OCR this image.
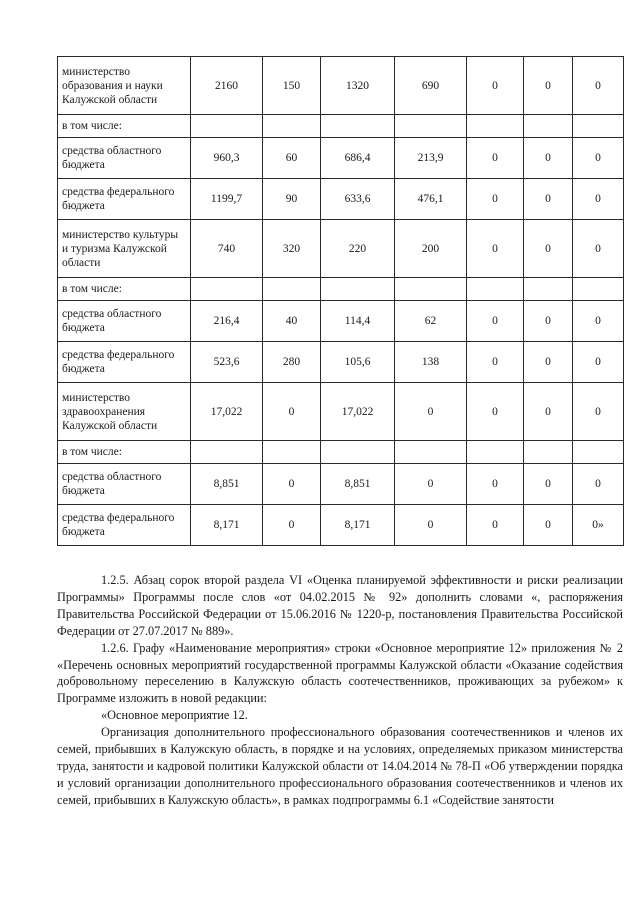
министерство образования и науки Калужской области	2160	150	1320	690	0	0	0
в том числе:							
средства областного бюджета	960,3	60	686,4	213,9	0	0	0
средства федерального бюджета	1199,7	90	633,6	476,1	0	0	0
министерство культуры и туризма Калужской области	740	320	220	200	0	0	0
в том числе:							
средства областного бюджета	216,4	40	114,4	62	0	0	0
средства федерального бюджета	523,6	280	105,6	138	0	0	0
министерство здравоохранения Калужской области	17,022	0	17,022	0	0	0	0
в том числе:							
средства областного бюджета	8,851	0	8,851	0	0	0	0
средства федерального бюджета	8,171	0	8,171	0	0	0	0»

1.2.5. Абзац сорок второй раздела VI «Оценка планируемой эффективности и риски реализации Программы» Программы после слов «от 04.02.2015 № 92» дополнить словами «, распоряжения Правительства Российской Федерации от 15.06.2016 № 1220-р, постановления Правительства Российской Федерации от 27.07.2017 № 889».

1.2.6. Графу «Наименование мероприятия» строки «Основное мероприятие 12» приложения № 2 «Перечень основных мероприятий государственной программы Калужской области «Оказание содействия добровольному переселению в Калужскую область соотечественников, проживающих за рубежом» к Программе изложить в новой редакции:

«Основное мероприятие 12.

Организация дополнительного профессионального образования соотечественников и членов их семей, прибывших в Калужскую область, в порядке и на условиях, определяемых приказом министерства труда, занятости и кадровой политики Калужской области от 14.04.2014 № 78-П «Об утверждении порядка и условий организации дополнительного профессионального образования соотечественников и членов их семей, прибывших в Калужскую область», в рамках подпрограммы 6.1 «Содействие занятости
